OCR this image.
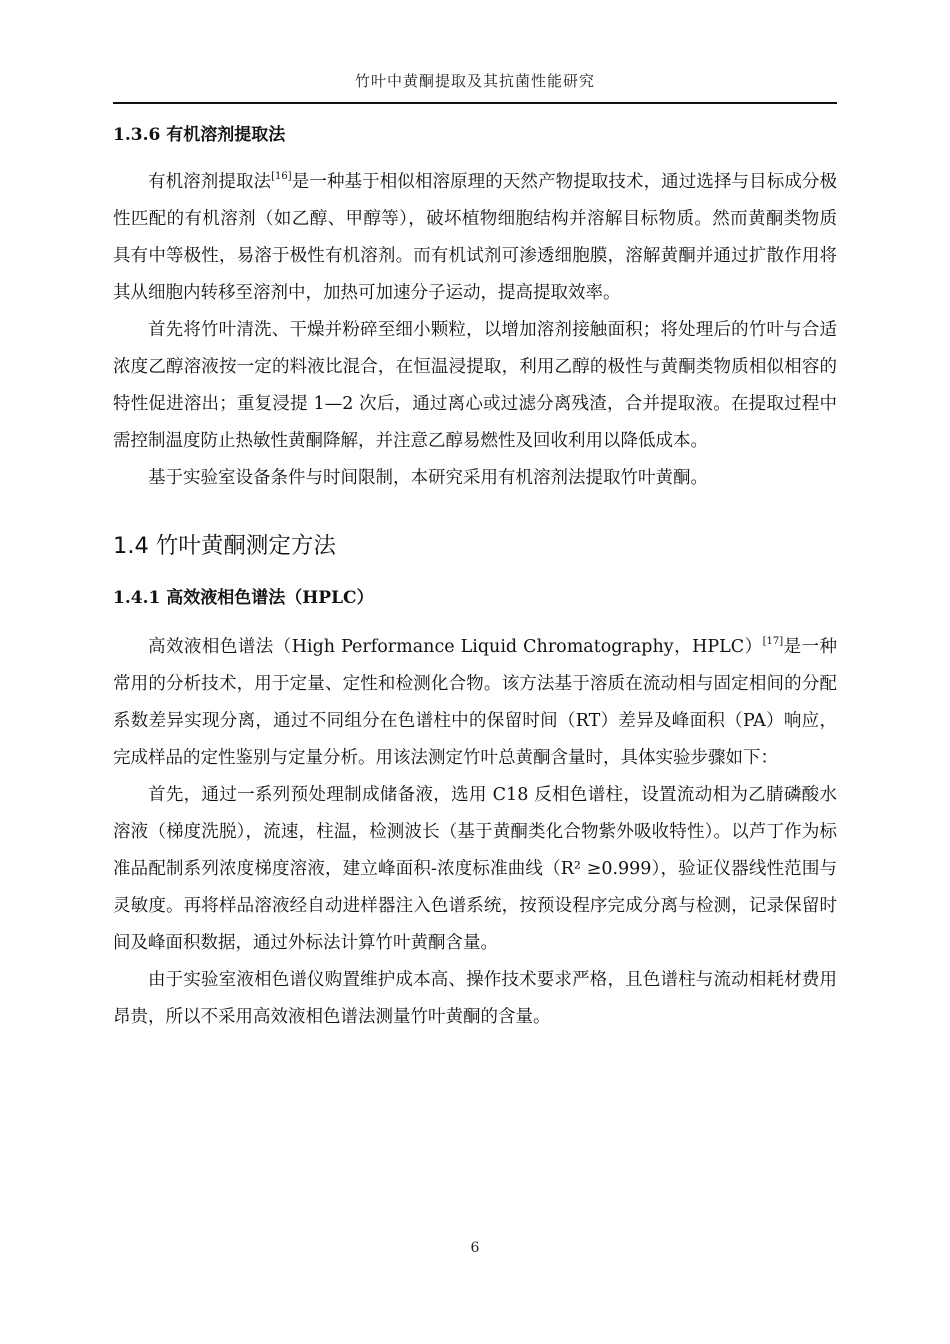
竹叶中黄酮提取及其抗菌性能研究
1.3.6 有机溶剂提取法

有机溶剂提取法[16]是一种基于相似相溶原理的天然产物提取技术，通过选择与目标成分极性匹配的有机溶剂（如乙醇、甲醇等），破坏植物细胞结构并溶解目标物质。然而黄酮类物质具有中等极性，易溶于极性有机溶剂。而有机试剂可渗透细胞膜，溶解黄酮并通过扩散作用将其从细胞内转移至溶剂中，加热可加速分子运动，提高提取效率。

首先将竹叶清洗、干燥并粉碎至细小颗粒，以增加溶剂接触面积；将处理后的竹叶与合适浓度乙醇溶液按一定的料液比混合，在恒温浸提取，利用乙醇的极性与黄酮类物质相似相容的特性促进溶出；重复浸提 1—2 次后，通过离心或过滤分离残渣，合并提取液。在提取过程中需控制温度防止热敏性黄酮降解，并注意乙醇易燃性及回收利用以降低成本。

基于实验室设备条件与时间限制，本研究采用有机溶剂法提取竹叶黄酮。

1.4 竹叶黄酮测定方法
1.4.1 高效液相色谱法（HPLC）

高效液相色谱法（High Performance Liquid Chromatography，HPLC）[17]是一种常用的分析技术，用于定量、定性和检测化合物。该方法基于溶质在流动相与固定相间的分配系数差异实现分离，通过不同组分在色谱柱中的保留时间（RT）差异及峰面积（PA）响应，完成样品的定性鉴别与定量分析。用该法测定竹叶总黄酮含量时，具体实验步骤如下：

首先，通过一系列预处理制成储备液，选用 C18 反相色谱柱，设置流动相为乙腈磷酸水溶液（梯度洗脱），流速，柱温，检测波长（基于黄酮类化合物紫外吸收特性）。以芦丁作为标准品配制系列浓度梯度溶液，建立峰面积-浓度标准曲线（R² ≥0.999），验证仪器线性范围与灵敏度。再将样品溶液经自动进样器注入色谱系统，按预设程序完成分离与检测，记录保留时间及峰面积数据，通过外标法计算竹叶黄酮含量。

由于实验室液相色谱仪购置维护成本高、操作技术要求严格，且色谱柱与流动相耗材费用昂贵，所以不采用高效液相色谱法测量竹叶黄酮的含量。

6
